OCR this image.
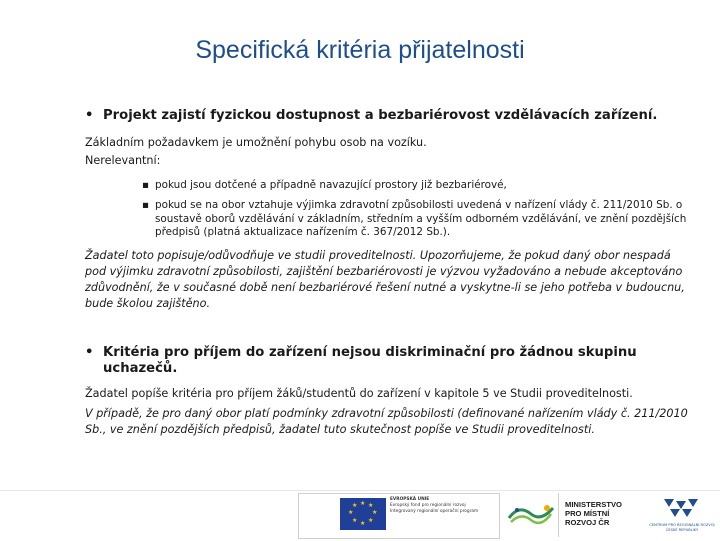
Specifická kritéria přijatelnosti
• Projekt zajistí fyzickou dostupnost a bezbariérovost vzdělávacích zařízení.
Základním požadavkem je umožnění pohybu osob na vozíku.
Nerelevantní:
▪ pokud jsou dotčené a případně navazující prostory již bezbariérové,
▪ pokud se na obor vztahuje výjimka zdravotní způsobilosti uvedená v nařízení vlády č. 211/2010 Sb. o soustavě oborů vzdělávání v základním, středním a vyšším odborném vzdělávání, ve znění pozdějších předpisů (platná aktualizace nařízením č. 367/2012 Sb.).
Žadatel toto popisuje/odůvodňuje ve studii proveditelnosti. Upozorňujeme, že pokud daný obor nespadá pod výjimku zdravotní způsobilosti, zajištění bezbariérovosti je výzvou vyžadováno a nebude akceptováno zdůvodnění, že v současné době není bezbariérové řešení nutné a vyskytne-li se jeho potřeba v budoucnu, bude školou zajištěno.
• Kritéria pro příjem do zařízení nejsou diskriminační pro žádnou skupinu
uchazečů.
Žadatel popíše kritéria pro příjem žáků/studentů do zařízení v kapitole 5 ve Studii proveditelnosti.
V případě, že pro daný obor platí podmínky zdravotní způsobilosti (definované nařízením vlády č. 211/2010 Sb., ve znění pozdějších předpisů, žadatel tuto skutečnost popíše ve Studii proveditelnosti.
★ ★
★
★
★
★
★
★
EVROPSKÁ UNIE
Evropský fond pro regionální rozvoj
Integrovaný regionální operační program
MINISTERSTVO
PRO MÍSTNÍ
ROZVOJ ČR	CENTRUM PRO REGIONÁLNÍ ROZVOJ ČESKÉ REPUBLIKY
